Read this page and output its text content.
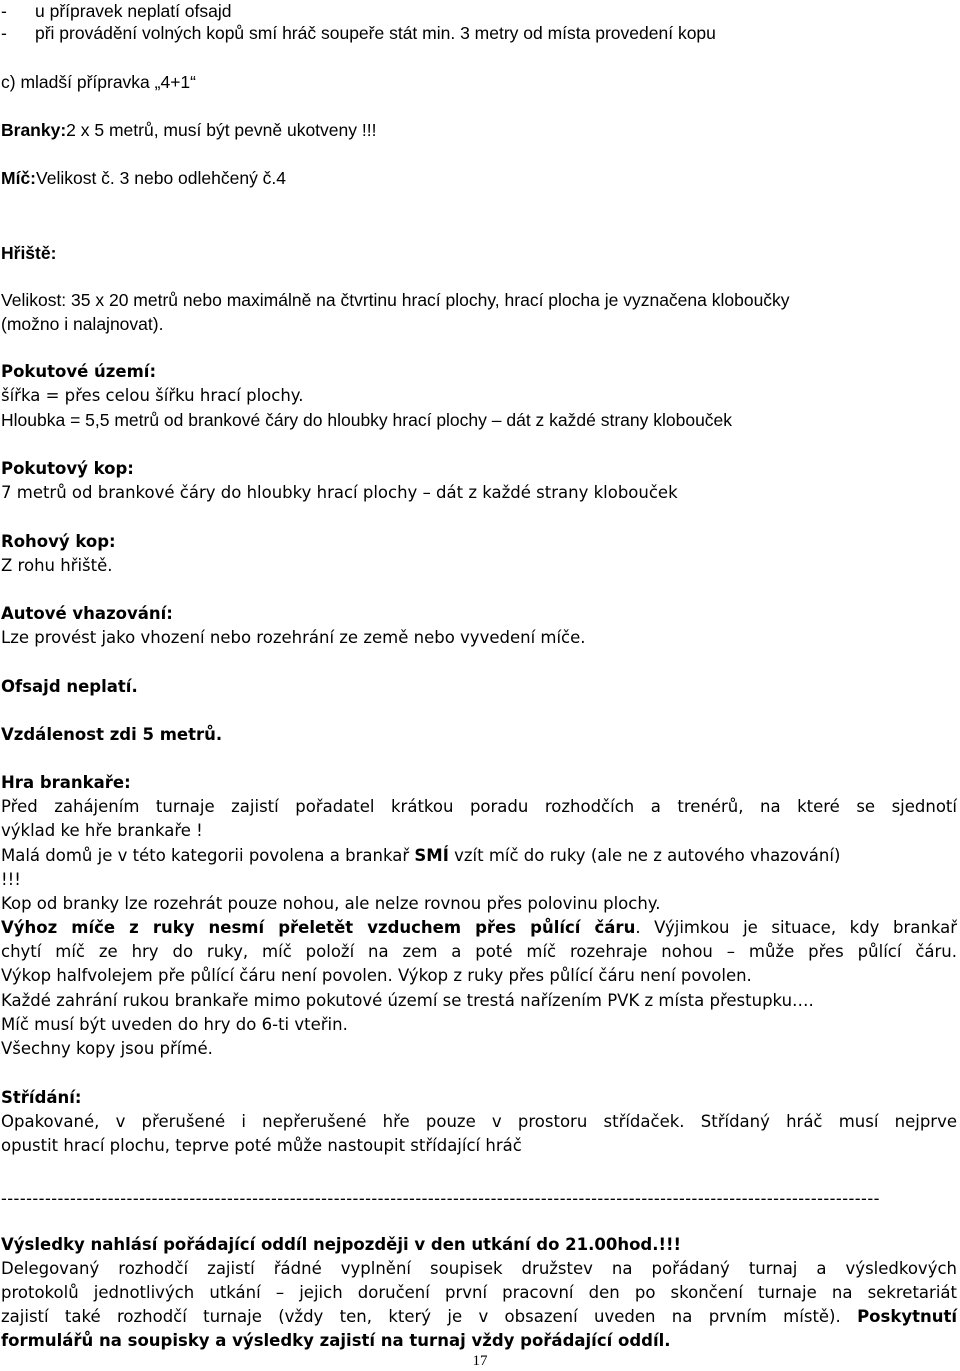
- u přípravek neplatí ofsajd
- při provádění volných kopů smí hráč soupeře stát min. 3 metry od místa provedení kopu
c) mladší přípravka „4+1“
Branky:2 x 5 metrů, musí být pevně ukotveny !!!
Míč:Velikost č. 3 nebo odlehčený č.4
Hřiště:
Velikost: 35 x 20 metrů nebo maximálně na čtvrtinu hrací plochy, hrací plocha je vyznačena kloboučky
(možno i nalajnovat).
Pokutové území:
šířka = přes celou šířku hrací plochy.
Hloubka = 5,5 metrů od brankové čáry do hloubky hrací plochy – dát z každé strany klobouček
Pokutový kop:
7 metrů od brankové čáry do hloubky hrací plochy – dát z každé strany klobouček
Rohový kop:
Z rohu hřiště.
Autové vhazování:
Lze provést jako vhození nebo rozehrání ze země nebo vyvedení míče.
Ofsajd neplatí.
Vzdálenost zdi 5 metrů.
Hra brankaře:
Před zahájením turnaje zajistí pořadatel krátkou poradu rozhodčích a trenérů, na které se sjednotí
výklad ke hře brankaře !
Malá domů je v této kategorii povolena a brankař SMÍ vzít míč do ruky (ale ne z autového vhazování)
!!!
Kop od branky lze rozehrát pouze nohou, ale nelze rovnou přes polovinu plochy.
Výhoz míče z ruky nesmí přeletět vzduchem přes půlící čáru. Výjimkou je situace, kdy brankař
chytí míč ze hry do ruky, míč položí na zem a poté míč rozehraje nohou – může přes půlící čáru.
Výkop halfvolejem pře půlící čáru není povolen. Výkop z ruky přes půlící čáru není povolen.
Každé zahrání rukou brankaře mimo pokutové území se trestá nařízením PVK z místa přestupku….
Míč musí být uveden do hry do 6-ti vteřin.
Všechny kopy jsou přímé.
Střídání:
Opakované, v přerušené i nepřerušené hře pouze v prostoru střídaček. Střídaný hráč musí nejprve
opustit hrací plochu, teprve poté může nastoupit střídající hráč
--------------------------------------------------------------------------------------------------------------------------------------------
Výsledky nahlásí pořádající oddíl nejpozději v den utkání do 21.00hod.!!!
Delegovaný rozhodčí zajistí řádné vyplnění soupisek družstev na pořádaný turnaj a výsledkových
protokolů jednotlivých utkání – jejich doručení první pracovní den po skončení turnaje na sekretariát
zajistí také rozhodčí turnaje (vždy ten, který je v obsazení uveden na prvním místě). Poskytnutí
formulářů na soupisky a výsledky zajistí na turnaj vždy pořádající oddíl.
17
